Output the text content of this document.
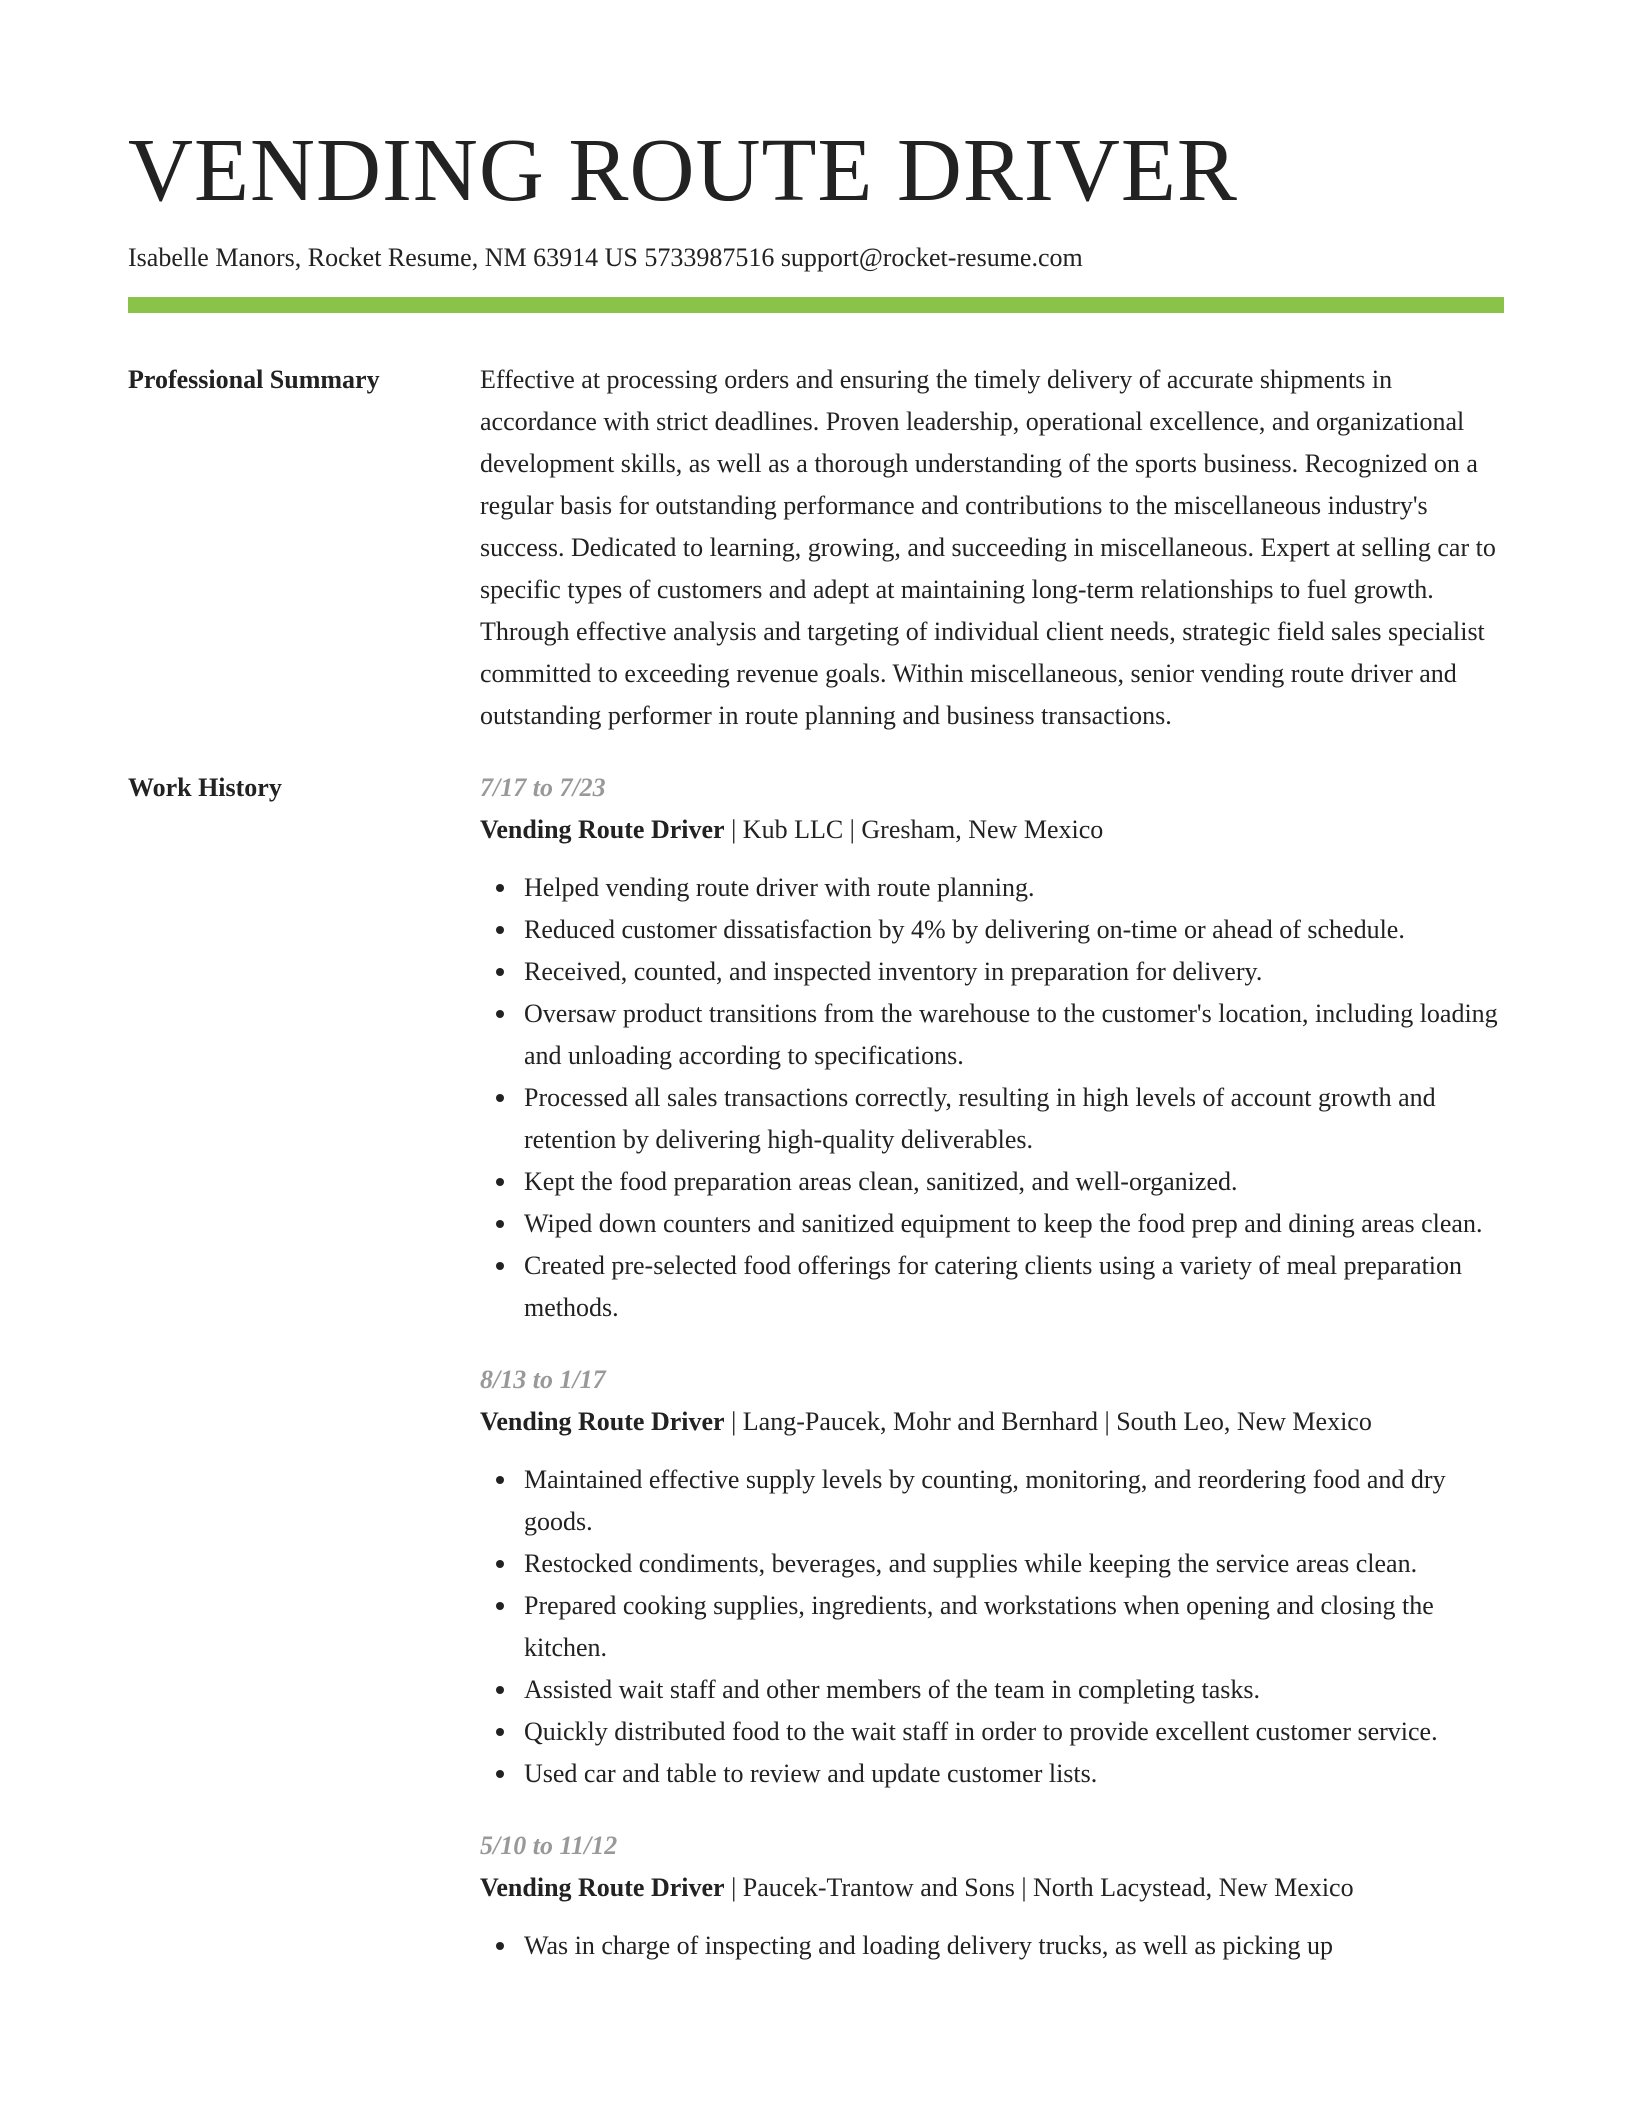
VENDING ROUTE DRIVER
Isabelle Manors, Rocket Resume, NM 63914 US 5733987516 support@rocket-resume.com
Professional Summary	Effective at processing orders and ensuring the timely delivery of accurate shipments in accordance with strict deadlines. Proven leadership, operational excellence, and organizational development skills, as well as a thorough understanding of the sports business. Recognized on a regular basis for outstanding performance and contributions to the miscellaneous industry's success. Dedicated to learning, growing, and succeeding in miscellaneous. Expert at selling car to specific types of customers and adept at maintaining long-term relationships to fuel growth. Through effective analysis and targeting of individual client needs, strategic field sales specialist committed to exceeding revenue goals. Within miscellaneous, senior vending route driver and outstanding performer in route planning and business transactions.

Work History	7/17 to 7/23
Vending Route Driver | Kub LLC | Gresham, New Mexico
Helped vending route driver with route planning.
Reduced customer dissatisfaction by 4% by delivering on-time or ahead of schedule.
Received, counted, and inspected inventory in preparation for delivery.
Oversaw product transitions from the warehouse to the customer's location, including loading and unloading according to specifications.
Processed all sales transactions correctly, resulting in high levels of account growth and retention by delivering high-quality deliverables.
Kept the food preparation areas clean, sanitized, and well-organized.
Wiped down counters and sanitized equipment to keep the food prep and dining areas clean.
Created pre-selected food offerings for catering clients using a variety of meal preparation methods.
8/13 to 1/17
Vending Route Driver | Lang-Paucek, Mohr and Bernhard | South Leo, New Mexico
Maintained effective supply levels by counting, monitoring, and reordering food and dry goods.
Restocked condiments, beverages, and supplies while keeping the service areas clean.
Prepared cooking supplies, ingredients, and workstations when opening and closing the kitchen.
Assisted wait staff and other members of the team in completing tasks.
Quickly distributed food to the wait staff in order to provide excellent customer service.
Used car and table to review and update customer lists.
5/10 to 11/12
Vending Route Driver | Paucek-Trantow and Sons | North Lacystead, New Mexico
Was in charge of inspecting and loading delivery trucks, as well as picking up
